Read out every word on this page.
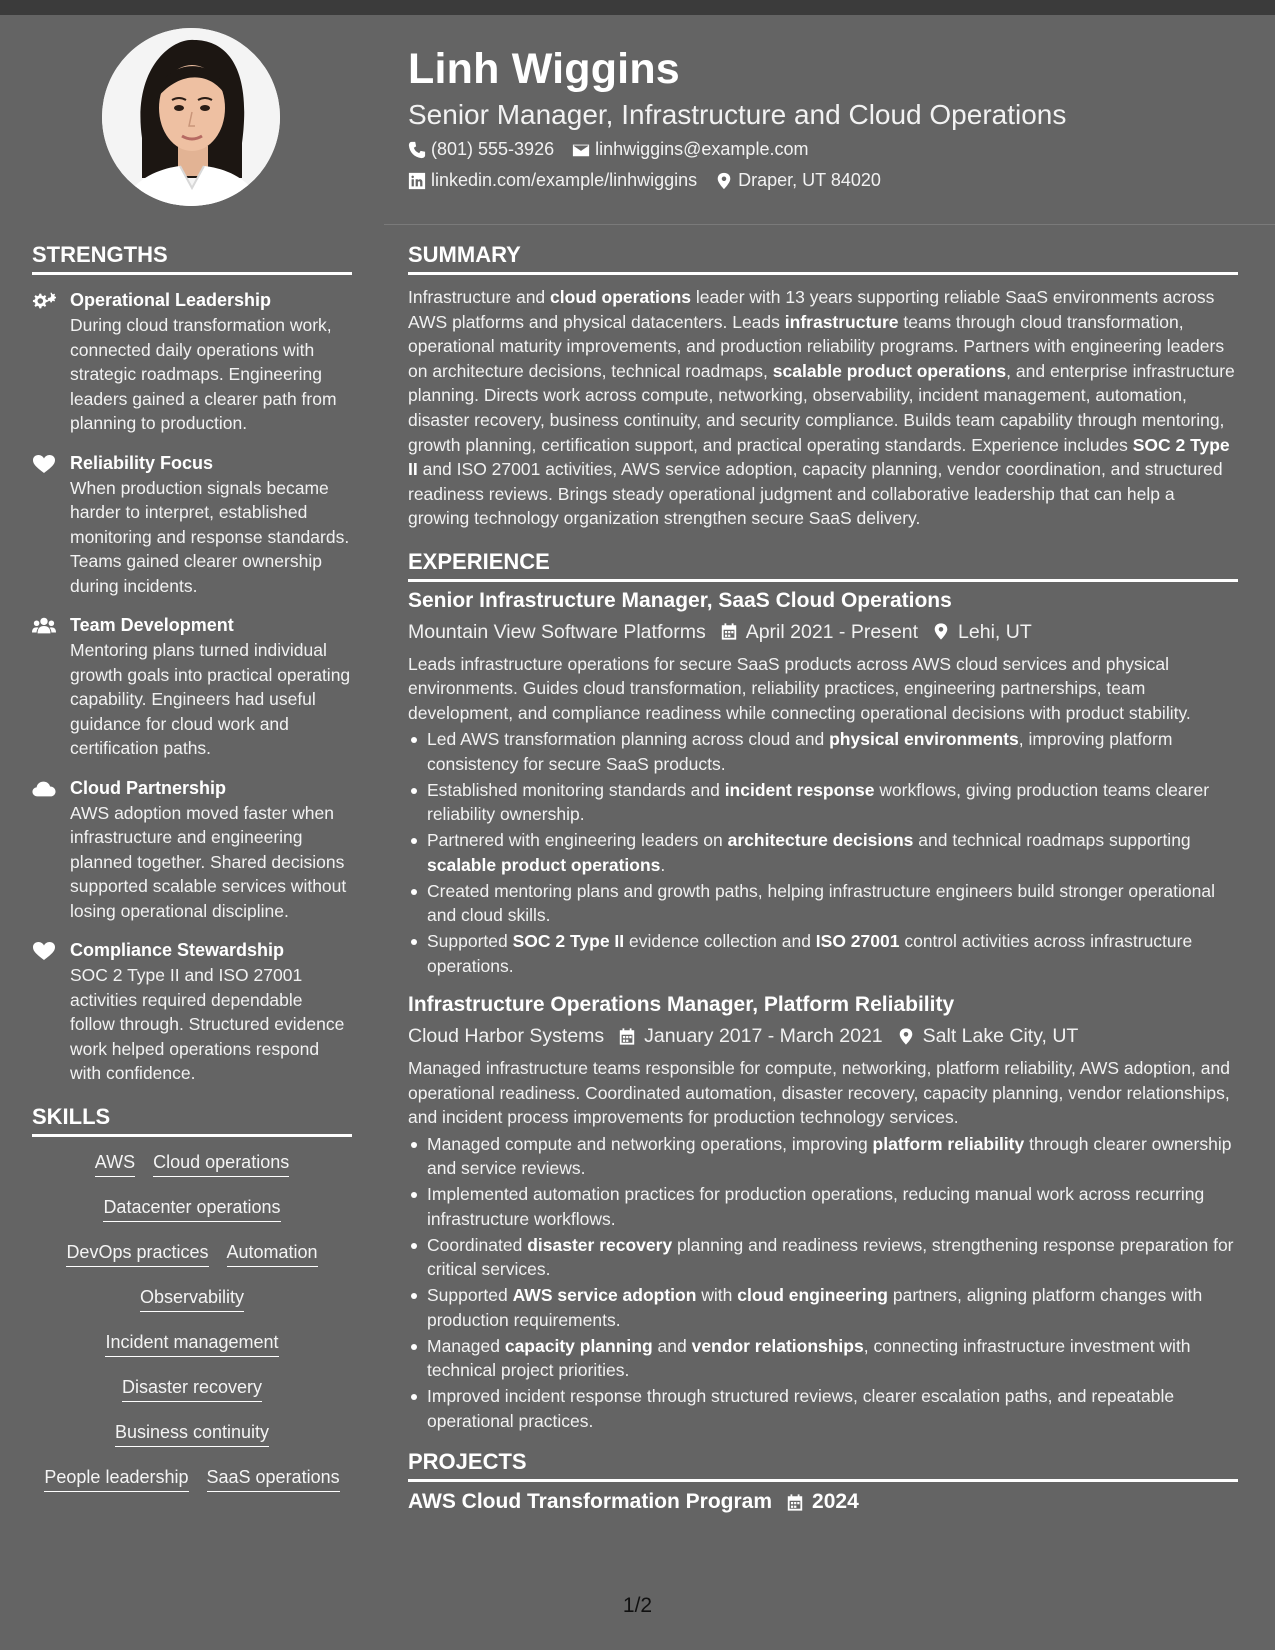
Linh Wiggins
Senior Manager, Infrastructure and Cloud Operations
(801) 555-3926 linhwiggins@example.com
linkedin.com/example/linhwiggins Draper, UT 84020
STRENGTHS
Operational Leadership
During cloud transformation work, connected daily operations with strategic roadmaps. Engineering leaders gained a clearer path from planning to production.
Reliability Focus
When production signals became harder to interpret, established monitoring and response standards. Teams gained clearer ownership during incidents.
Team Development
Mentoring plans turned individual growth goals into practical operating capability. Engineers had useful guidance for cloud work and certification paths.
Cloud Partnership
AWS adoption moved faster when infrastructure and engineering planned together. Shared decisions supported scalable services without losing operational discipline.
Compliance Stewardship
SOC 2 Type II and ISO 27001 activities required dependable follow through. Structured evidence work helped operations respond with confidence.
SKILLS
AWS Cloud operations
Datacenter operations
DevOps practices Automation
Observability
Incident management
Disaster recovery
Business continuity
People leadership SaaS operations
SUMMARY
Infrastructure and cloud operations leader with 13 years supporting reliable SaaS environments across AWS platforms and physical datacenters. Leads infrastructure teams through cloud transformation, operational maturity improvements, and production reliability programs. Partners with engineering leaders on architecture decisions, technical roadmaps, scalable product operations, and enterprise infrastructure planning. Directs work across compute, networking, observability, incident management, automation, disaster recovery, business continuity, and security compliance. Builds team capability through mentoring, growth planning, certification support, and practical operating standards. Experience includes SOC 2 Type II and ISO 27001 activities, AWS service adoption, capacity planning, vendor coordination, and structured readiness reviews. Brings steady operational judgment and collaborative leadership that can help a growing technology organization strengthen secure SaaS delivery.
EXPERIENCE
Senior Infrastructure Manager, SaaS Cloud Operations
Mountain View Software Platforms April 2021 - Present Lehi, UT
Leads infrastructure operations for secure SaaS products across AWS cloud services and physical environments. Guides cloud transformation, reliability practices, engineering partnerships, team development, and compliance readiness while connecting operational decisions with product stability.
Led AWS transformation planning across cloud and physical environments, improving platform consistency for secure SaaS products.
Established monitoring standards and incident response workflows, giving production teams clearer reliability ownership.
Partnered with engineering leaders on architecture decisions and technical roadmaps supporting scalable product operations.
Created mentoring plans and growth paths, helping infrastructure engineers build stronger operational and cloud skills.
Supported SOC 2 Type II evidence collection and ISO 27001 control activities across infrastructure operations.
Infrastructure Operations Manager, Platform Reliability
Cloud Harbor Systems January 2017 - March 2021 Salt Lake City, UT
Managed infrastructure teams responsible for compute, networking, platform reliability, AWS adoption, and operational readiness. Coordinated automation, disaster recovery, capacity planning, vendor relationships, and incident process improvements for production technology services.
Managed compute and networking operations, improving platform reliability through clearer ownership and service reviews.
Implemented automation practices for production operations, reducing manual work across recurring infrastructure workflows.
Coordinated disaster recovery planning and readiness reviews, strengthening response preparation for critical services.
Supported AWS service adoption with cloud engineering partners, aligning platform changes with production requirements.
Managed capacity planning and vendor relationships, connecting infrastructure investment with technical project priorities.
Improved incident response through structured reviews, clearer escalation paths, and repeatable operational practices.
PROJECTS
AWS Cloud Transformation Program 2024
1/2
